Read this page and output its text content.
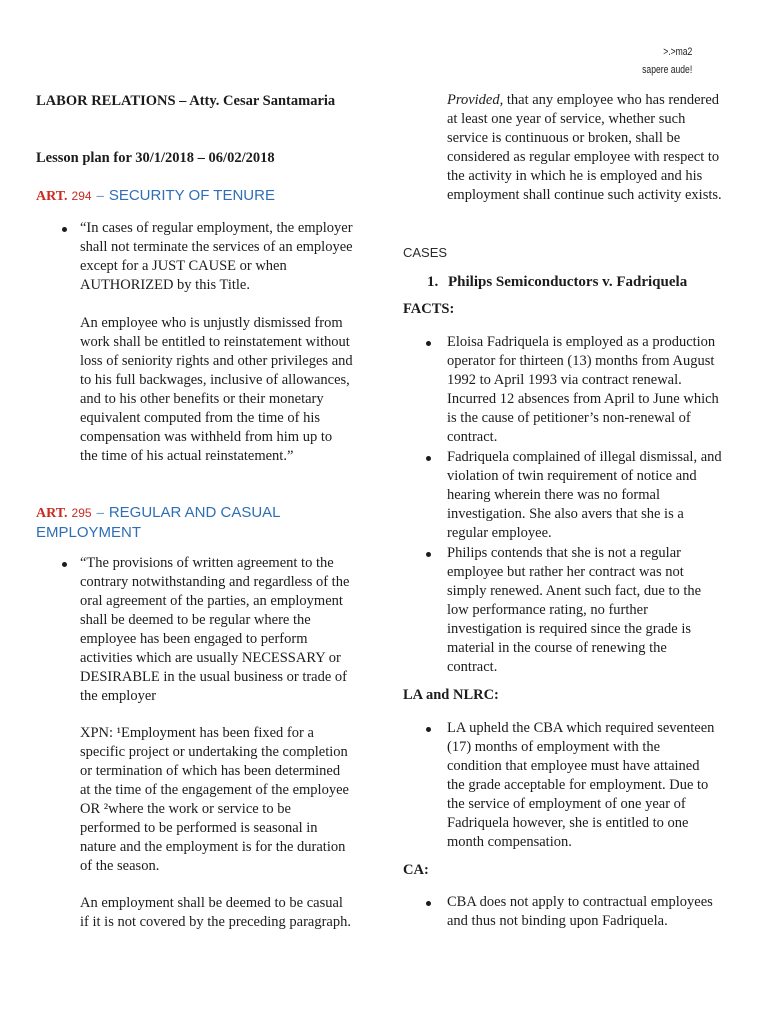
>.>ma2
sapere aude!
LABOR RELATIONS – Atty. Cesar Santamaria
Lesson plan for 30/1/2018 – 06/02/2018
ART. 294 – SECURITY OF TENURE
“In cases of regular employment, the employer
shall not terminate the services of an employee
except for a JUST CAUSE or when
AUTHORIZED by this Title.
An employee who is unjustly dismissed from
work shall be entitled to reinstatement without
loss of seniority rights and other privileges and
to his full backwages, inclusive of allowances,
and to his other benefits or their monetary
equivalent computed from the time of his
compensation was withheld from him up to
the time of his actual reinstatement.”
ART. 295 – REGULAR AND CASUAL
EMPLOYMENT
“The provisions of written agreement to the
contrary notwithstanding and regardless of the
oral agreement of the parties, an employment
shall be deemed to be regular where the
employee has been engaged to perform
activities which are usually NECESSARY or
DESIRABLE in the usual business or trade of
the employer
XPN: ¹Employment has been fixed for a
specific project or undertaking the completion
or termination of which has been determined
at the time of the engagement of the employee
OR ²where the work or service to be
performed to be performed is seasonal in
nature and the employment is for the duration
of the season.
An employment shall be deemed to be casual
if it is not covered by the preceding paragraph.
Provided, that any employee who has rendered
at least one year of service, whether such
service is continuous or broken, shall be
considered as regular employee with respect to
the activity in which he is employed and his
employment shall continue such activity exists.
CASES
1. Philips Semiconductors v. Fadriquela
FACTS:
Eloisa Fadriquela is employed as a production
operator for thirteen (13) months from August
1992 to April 1993 via contract renewal.
Incurred 12 absences from April to June which
is the cause of petitioner’s non-renewal of
contract.
Fadriquela complained of illegal dismissal, and
violation of twin requirement of notice and
hearing wherein there was no formal
investigation. She also avers that she is a
regular employee.
Philips contends that she is not a regular
employee but rather her contract was not
simply renewed. Anent such fact, due to the
low performance rating, no further
investigation is required since the grade is
material in the course of renewing the
contract.
LA and NLRC:
LA upheld the CBA which required seventeen
(17) months of employment with the
condition that employee must have attained
the grade acceptable for employment. Due to
the service of employment of one year of
Fadriquela however, she is entitled to one
month compensation.
CA:
CBA does not apply to contractual employees
and thus not binding upon Fadriquela.
